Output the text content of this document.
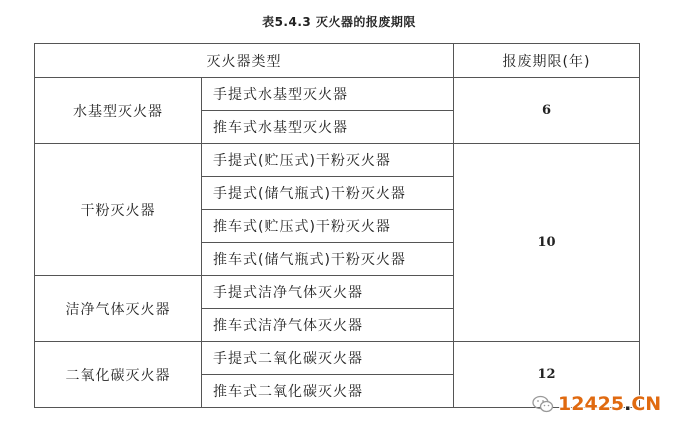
表5.4.3 灭火器的报废期限
灭火器类型		报废期限(年)
水基型灭火器	手提式水基型灭火器	6
	推车式水基型灭火器	
干粉灭火器	手提式(贮压式)干粉灭火器	10
	手提式(储气瓶式)干粉灭火器	
	推车式(贮压式)干粉灭火器	
	推车式(储气瓶式)干粉灭火器	
洁净气体灭火器	手提式洁净气体灭火器	
	推车式洁净气体灭火器	
二氧化碳灭火器	手提式二氧化碳灭火器	12
	推车式二氧化碳灭火器	
12425.CN
